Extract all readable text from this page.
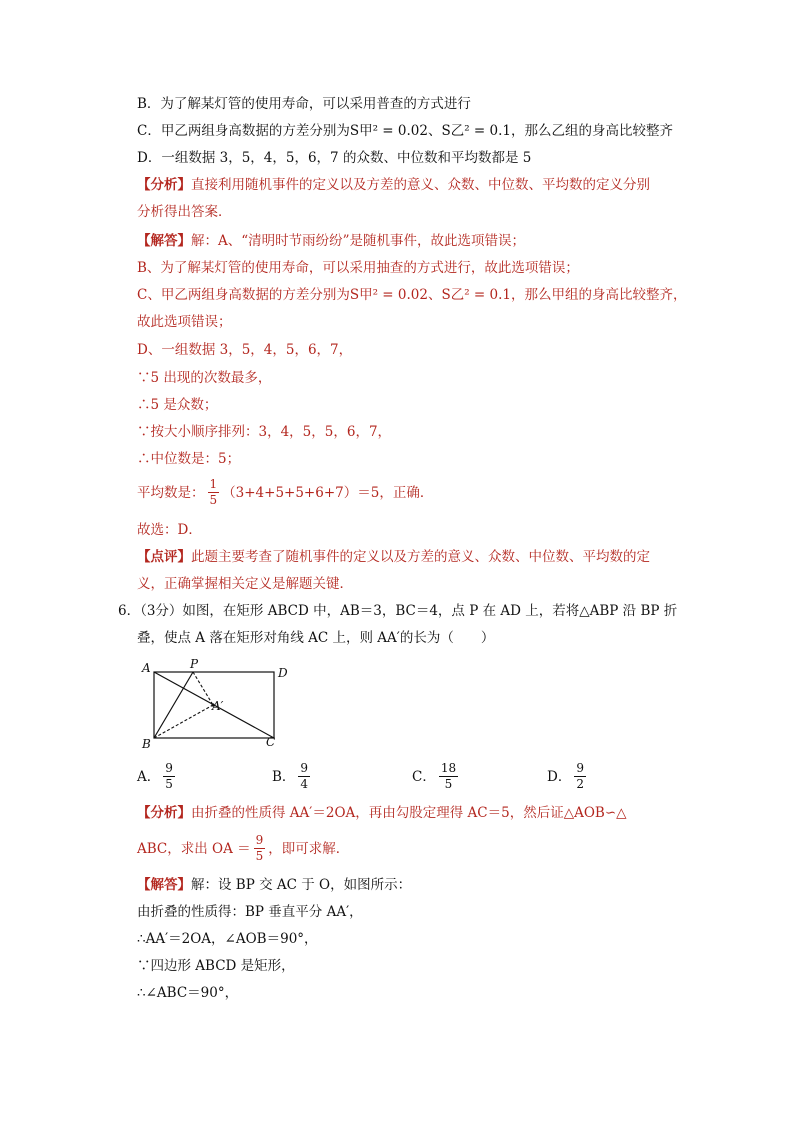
B．为了解某灯管的使用寿命，可以采用普查的方式进行
C．甲乙两组身高数据的方差分别为S甲² = 0.02、S乙² = 0.1，那么乙组的身高比较整齐
D．一组数据 3，5，4，5，6，7 的众数、中位数和平均数都是 5
【分析】直接利用随机事件的定义以及方差的意义、众数、中位数、平均数的定义分别
分析得出答案．
【解答】解：A、“清明时节雨纷纷”是随机事件，故此选项错误；
B、为了解某灯管的使用寿命，可以采用抽查的方式进行，故此选项错误；
C、甲乙两组身高数据的方差分别为S甲² = 0.02、S乙² = 0.1，那么甲组的身高比较整齐，
故此选项错误；
D、一组数据 3，5，4，5，6，7，
∵5 出现的次数最多，
∴5 是众数；
∵按大小顺序排列：3，4，5，5，6，7，
∴中位数是：5；
平均数是： $\frac{1}{5} (3+4+5+5+6+7)=5$，正确．
故选：D．
【点评】此题主要考查了随机事件的定义以及方差的意义、众数、中位数、平均数的定
义，正确掌握相关定义是解题关键．
6．（3分）如图，在矩形 ABCD 中，AB＝3，BC＝4，点 P 在 AD 上，若将△ABP 沿 BP 折
叠，使点 A 落在矩形对角线 AC 上，则 AA′的长为（　　）
A	P
D
A′
B	C
A． $\frac{9}{5}$	B． $\frac{9}{4}$	C． $\frac{18}{5}$	D． $\frac{9}{2}$
【分析】由折叠的性质得 AA′＝2OA，再由勾股定理得 AC＝5，然后证△AOB∽△
ABC，求出 OA ＝ $\frac{9}{5}$ ，即可求解．
【解答】解：设 BP 交 AC 于 O，如图所示：
由折叠的性质得：BP 垂直平分 AA′，
∴AA′＝2OA，∠AOB＝90°，
∵四边形 ABCD 是矩形，
∴∠ABC＝90°，
